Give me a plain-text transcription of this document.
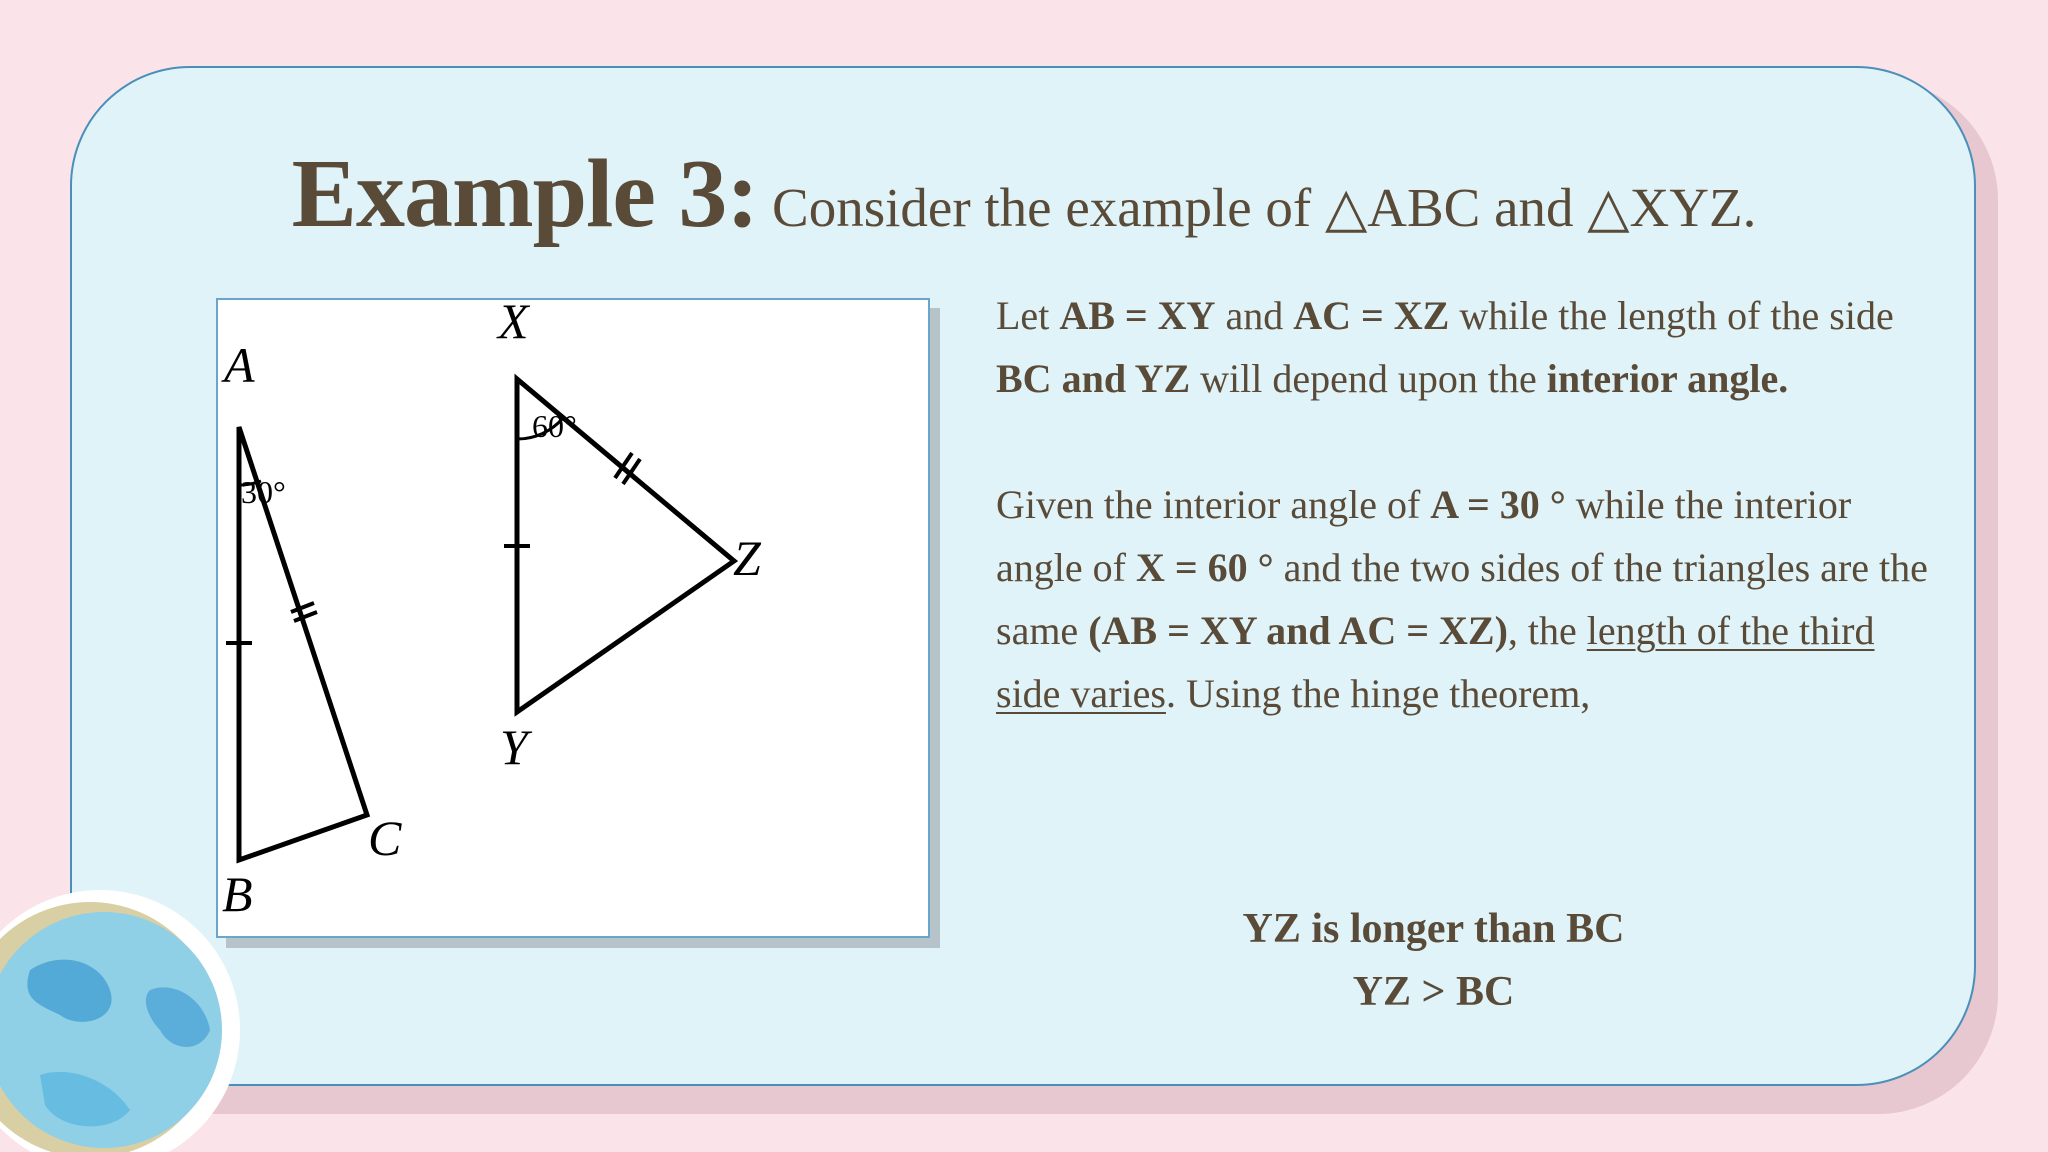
Example 3: Consider the example of △ABC and △XYZ.
A
B
C
30°
X
Y
Z
60°

Let AB = XY and AC = XZ while the length of the side BC and YZ will depend upon the interior angle.

Given the interior angle of A = 30 ° while the interior angle of X = 60 ° and the two sides of the triangles are the same (AB = XY and AC = XZ), the length of the third side varies. Using the hinge theorem,

YZ is longer than BC
YZ > BC
